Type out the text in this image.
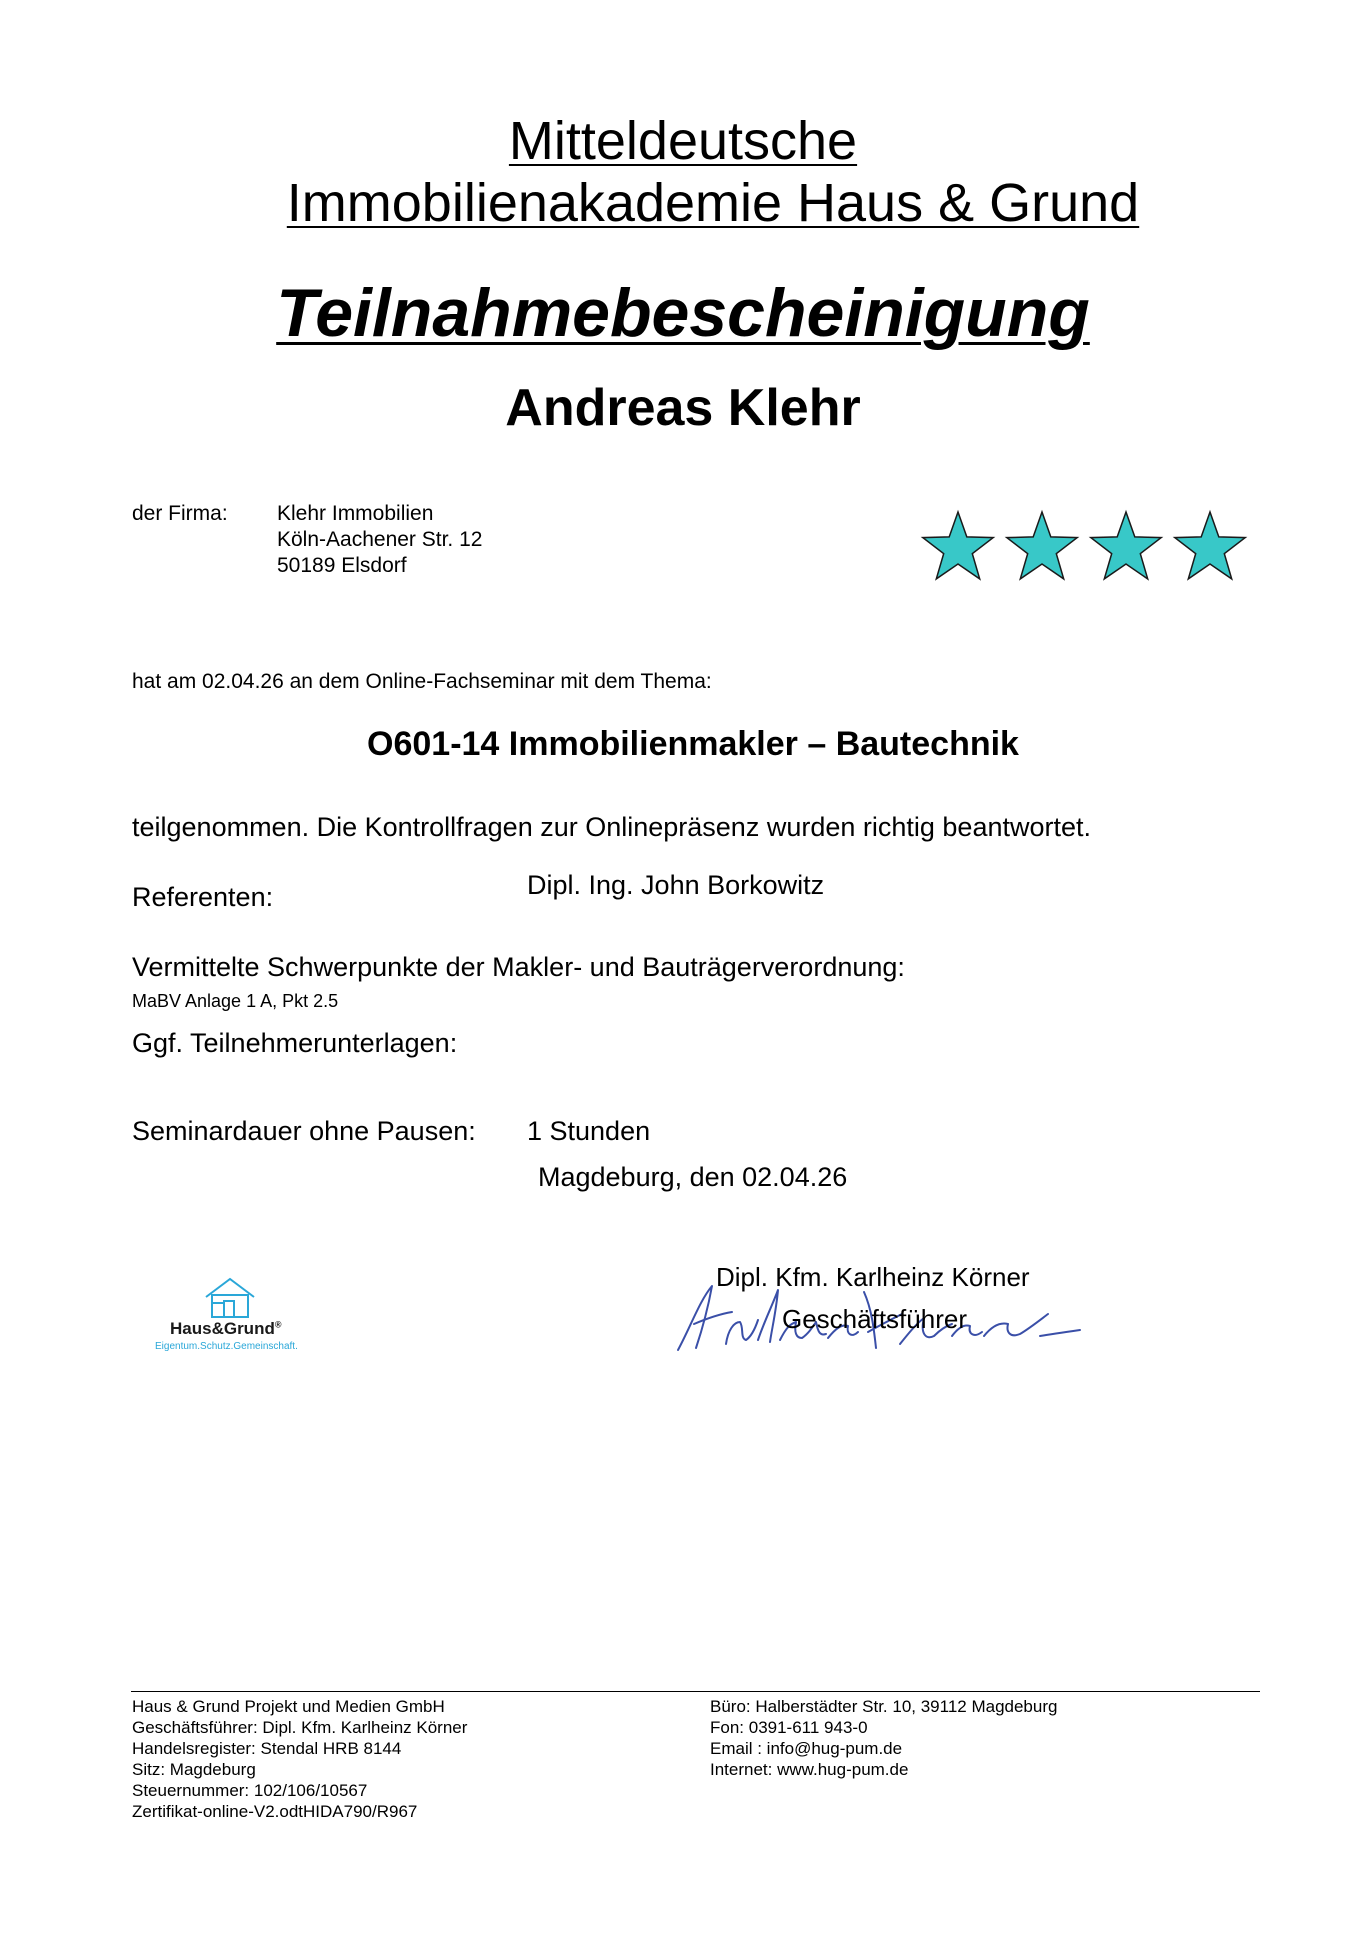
Mitteldeutsche
Immobilienakademie Haus & Grund
Teilnahmebescheinigung
Andreas Klehr
der Firma: Klehr Immobilien
Köln-Aachener Str. 12
50189 Elsdorf
hat am 02.04.26 an dem Online-Fachseminar mit dem Thema:
O601-14 Immobilienmakler – Bautechnik
teilgenommen. Die Kontrollfragen zur Onlinepräsenz wurden richtig beantwortet.
Referenten:	Dipl. Ing. John Borkowitz
Vermittelte Schwerpunkte der Makler- und Bauträgerverordnung:
MaBV Anlage 1 A, Pkt 2.5
Ggf. Teilnehmerunterlagen:
Seminardauer ohne Pausen: 1 Stunden
Magdeburg, den 02.04.26
Haus&Grund®
Eigentum.Schutz.Gemeinschaft.
Dipl. Kfm. Karlheinz Körner
Geschäftsführer
Haus & Grund Projekt und Medien GmbH
Geschäftsführer: Dipl. Kfm. Karlheinz Körner
Handelsregister: Stendal HRB 8144
Sitz: Magdeburg
Steuernummer: 102/106/10567
Zertifikat-online-V2.odtHIDA790/R967
Büro: Halberstädter Str. 10, 39112 Magdeburg
Fon: 0391-611 943-0
Email : info@hug-pum.de
Internet: www.hug-pum.de
